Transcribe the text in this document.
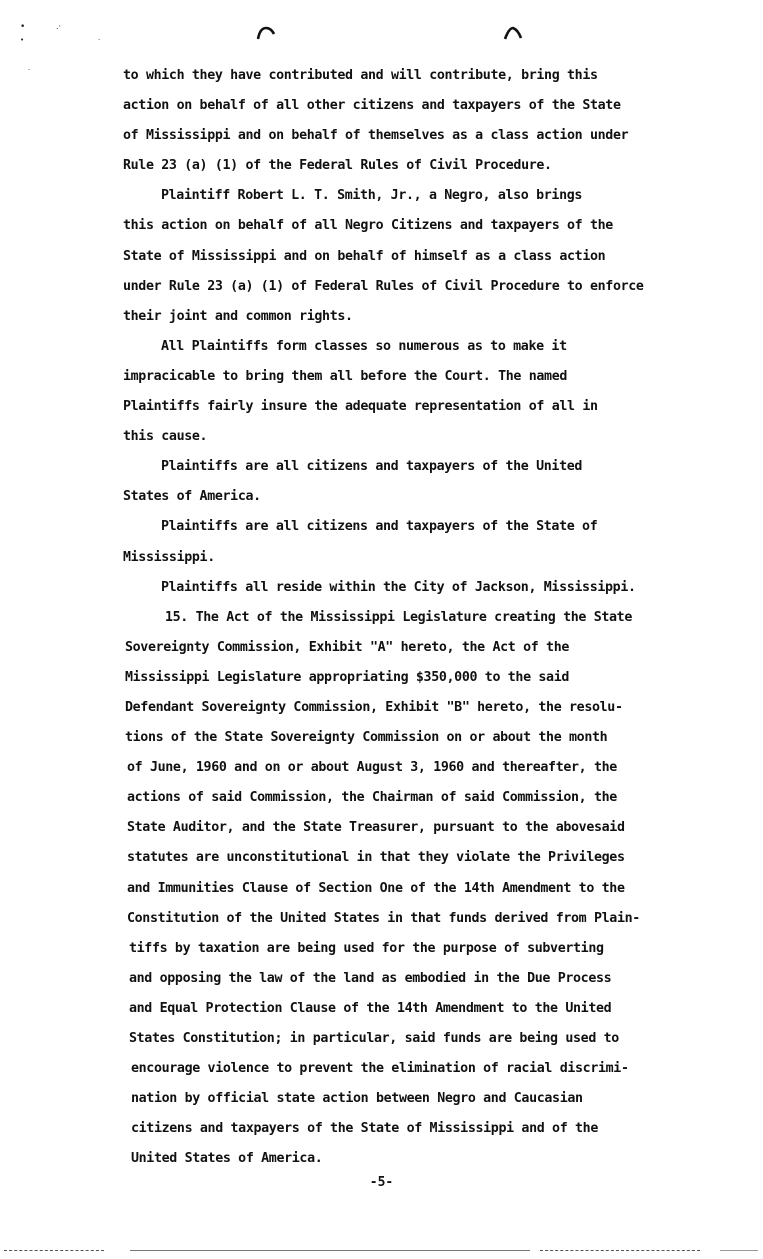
•
•
.·
·
·	to which they have contributed and will contribute, bring this
action on behalf of all other citizens and taxpayers of the State
of Mississippi and on behalf of themselves as a class action under
Rule 23 (a) (1) of the Federal Rules of Civil Procedure.
Plaintiff Robert L. T. Smith, Jr., a Negro, also brings
this action on behalf of all Negro Citizens and taxpayers of the
State of Mississippi and on behalf of himself as a class action
under Rule 23 (a) (1) of Federal Rules of Civil Procedure to enforce
their joint and common rights.
All Plaintiffs form classes so numerous as to make it
impracicable to bring them all before the Court. The named
Plaintiffs fairly insure the adequate representation of all in
this cause.
Plaintiffs are all citizens and taxpayers of the United
States of America.
Plaintiffs are all citizens and taxpayers of the State of
Mississippi.
Plaintiffs all reside within the City of Jackson, Mississippi.
15. The Act of the Mississippi Legislature creating the State
Sovereignty Commission, Exhibit "A" hereto, the Act of the
Mississippi Legislature appropriating $350,000 to the said
Defendant Sovereignty Commission, Exhibit "B" hereto, the resolu-
tions of the State Sovereignty Commission on or about the month
of June, 1960 and on or about August 3, 1960 and thereafter, the
actions of said Commission, the Chairman of said Commission, the
State Auditor, and the State Treasurer, pursuant to the abovesaid
statutes are unconstitutional in that they violate the Privileges
and Immunities Clause of Section One of the 14th Amendment to the
Constitution of the United States in that funds derived from Plain-
tiffs by taxation are being used for the purpose of subverting
and opposing the law of the land as embodied in the Due Process
and Equal Protection Clause of the 14th Amendment to the United
States Constitution; in particular, said funds are being used to
encourage violence to prevent the elimination of racial discrimi-
nation by official state action between Negro and Caucasian
citizens and taxpayers of the State of Mississippi and of the
United States of America.
-5-
